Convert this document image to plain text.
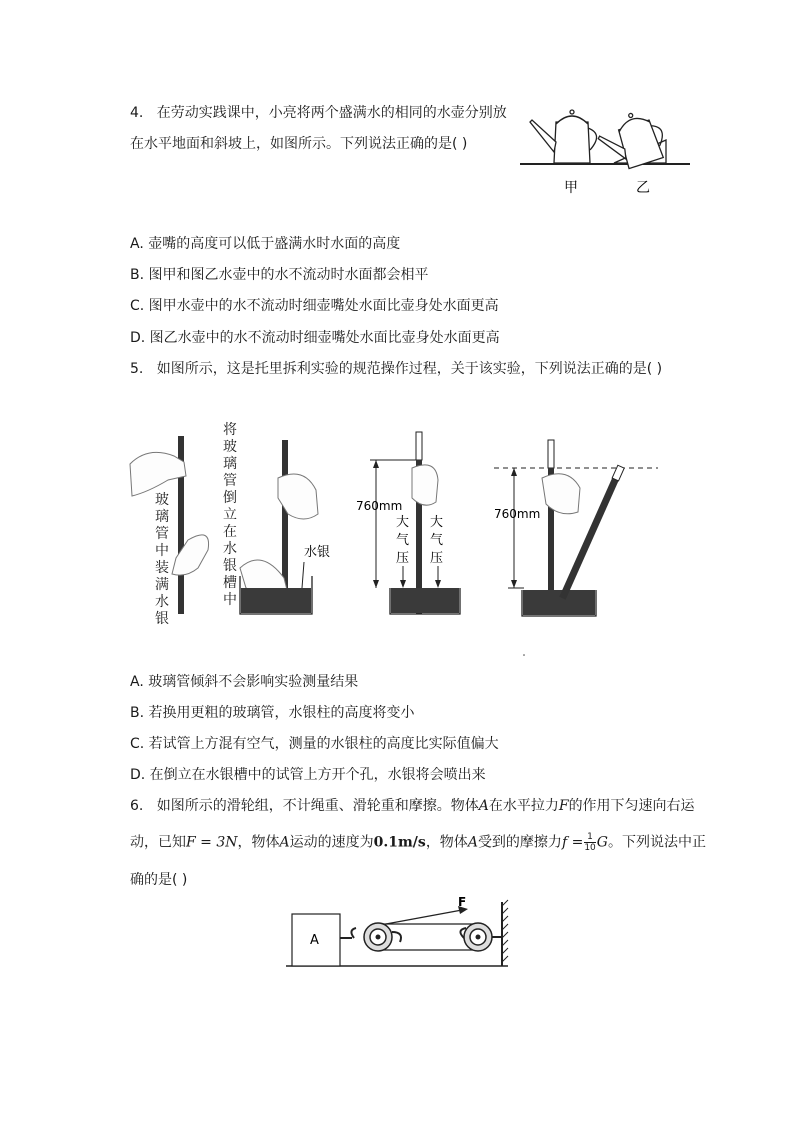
4. 在劳动实践课中，小亮将两个盛满水的相同的水壶分别放
在水平地面和斜坡上，如图所示。下列说法正确的是( )
甲	乙
A. 壶嘴的高度可以低于盛满水时水面的高度
B. 图甲和图乙水壶中的水不流动时水面都会相平
C. 图甲水壶中的水不流动时细壶嘴处水面比壶身处水面更高
D. 图乙水壶中的水不流动时细壶嘴处水面比壶身处水面更高
5. 如图所示，这是托里拆利实验的规范操作过程，关于该实验，下列说法正确的是( )
水银
760mm
大
气
压
大
气
压
760mm
玻
璃
管
中
装
满
水
银
将
玻
璃
管
倒
立
在
水
银
槽
中
A. 玻璃管倾斜不会影响实验测量结果
B. 若换用更粗的玻璃管，水银柱的高度将变小
C. 若试管上方混有空气，测量的水银柱的高度比实际值偏大
D. 在倒立在水银槽中的试管上方开个孔，水银将会喷出来
6. 如图所示的滑轮组，不计绳重、滑轮重和摩擦。物体A在水平拉力F的作用下匀速向右运
动，已知F = 3N，物体A运动的速度为0.1m/s，物体A受到的摩擦力$f = \frac{1}{10}$ G。下列说法中正
确的是( )
A
F
